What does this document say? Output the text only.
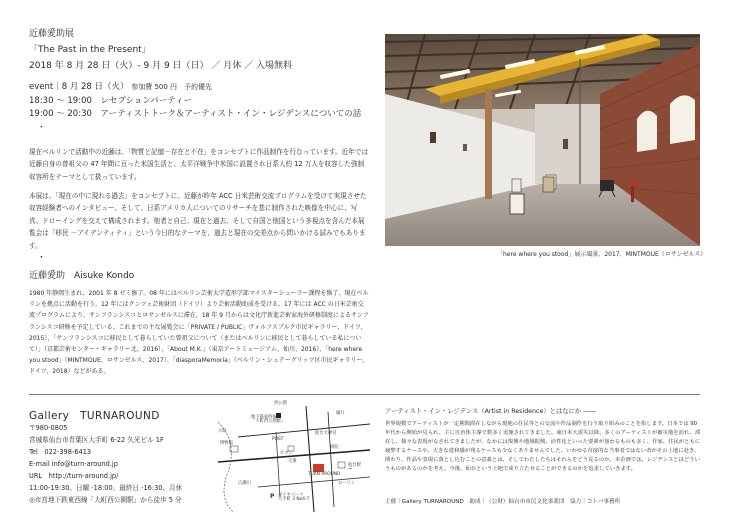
近藤愛助展
「The Past in the Present」
2018 年 8 月 28 日（火）- 9 月 9 日（日） ／ 月休 ／ 入場無料
event｜8 月 28 日（火） 参加費 500 円　予約優先
18:30 〜 19:00　レセプションパーティー
19:00 〜 20:30　アーティストトーク＆アーティスト・イン・レジデンスについての話
・

現在ベルリンで活動中の近藤は、「物質と記憶－存在と不在」をコンセプトに作品制作を行なっています。近年では近藤自身の曾祖父の 47 年間に亘った米国生活と、太平洋戦争中米国に設置され日系人約 12 万人を収容した強制収容所をテーマとして扱っています。

本展は、「現在の中に現れる過去」をコンセプトに、近藤が昨年 ACC 日米芸術交流プログラムを受けて実現させた収容経験者へのインタビュー、そして、日系アメリカ人についてのリサーチを基に制作された映像を中心に、写真、ドローイングを交えて構成されます。他者と自己、現在と過去、そして自国と他国という多視点を含んだ本展覧会は「移民 －アイデンティティ」という今日的なテーマを、過去と現在の交差点から問いかける試みでもあります。

・
近藤愛助　Aisuke Kondo

1980 年静岡生まれ。2001 年 8 ゼミ修了。08 年にはベルリン芸術大学造形学部マイスターシューラー課程を修了。現在ベルリンを拠点に活動を行う。12 年にはクンツェ芸術財団（ドイツ）より芸術活動助成を受ける。17 年には ACC の日米芸術交流プログラムにより、サンフランシスコとロサンゼルスに滞在。18 年 9 月からは文化庁新進芸術家海外研修制度によるサンフランシスコ研修を予定している。これまでの主な展覧会に「PRIVATE / PUBLIC」ヴォルフスブルク市民ギャラリー、ドイツ、2015）、「サンフランシスコに移民として暮らしていた曾祖父について（またはベルリンに移民として暮らしている私について）」（京都芸術センター・ギャラリー北、2016）、「About M.K.」（東京アートミュージアム、仙川、2016）、「here where you stood」（MINTMOUE、ロサンゼルス、2017）、「diasporaMemoria」（ベルリン・シュテーグリッツ区市民ギャラリー、ドイツ、2018）などがある。

「here where you stood」展示風景、2017、MINTMOUE（ロサンゼルス）
Gallery　TURNAROUND
〒980-0805
宮城県仙台市青葉区大手町 6-22 久光ビル 1F
Tel　022-398-6413
E-mail info@turn-around.jp
URL　http://turn-around.jp/
11:00-19:30、日曜 -18:00、最終日 -16:30、月休
◎市営地下鉄東西線「大町西公園駅」から徒歩 5 分
西公園
地下鉄東西線
「大町西公園駅」
大町
博物館
POST
銀行
仙台大神宮
病院
セブン
交番
仙台駅
→
TURN AROUND
ローソン
広瀬川
P ダイヤパーク
大手町 3 No4-7
アーティスト・イン・レジデンス（Artist in Residence）とはなにか ――

世界規模でアーティストが一定期間滞在しながら現地の住民等との交流や作品制作を行う取り組みのことを指します。日本では 90 年代から開始が見られ、主に自治体主導で数多く実施されてきました。東日本大震災以降、多くのアーティストが被災地を訪れ、滞在し、様々な表現がなされてきましたが、なかには復興や地域振興、活性化といった要素が加わるものも多く、作家、住民がともに疲弊するケースや、大きな違和感が残るケースも少なくありませんでした。いわゆる直接的な当事者ではない者がその土地に赴き、関わり、作品や表現に落とし込むことの意義とは、そしてわたしたちはそれらをどう見るのか。本企画では、レジデンスとはどういうものがあるのかを考え、今後、仙台という土地で成り立たせることができるのかを追求していきます。

主催｜Gallery TURNAROUND　助成｜（公財）仙台市市民文化事業団　協力｜コトバ事務所
